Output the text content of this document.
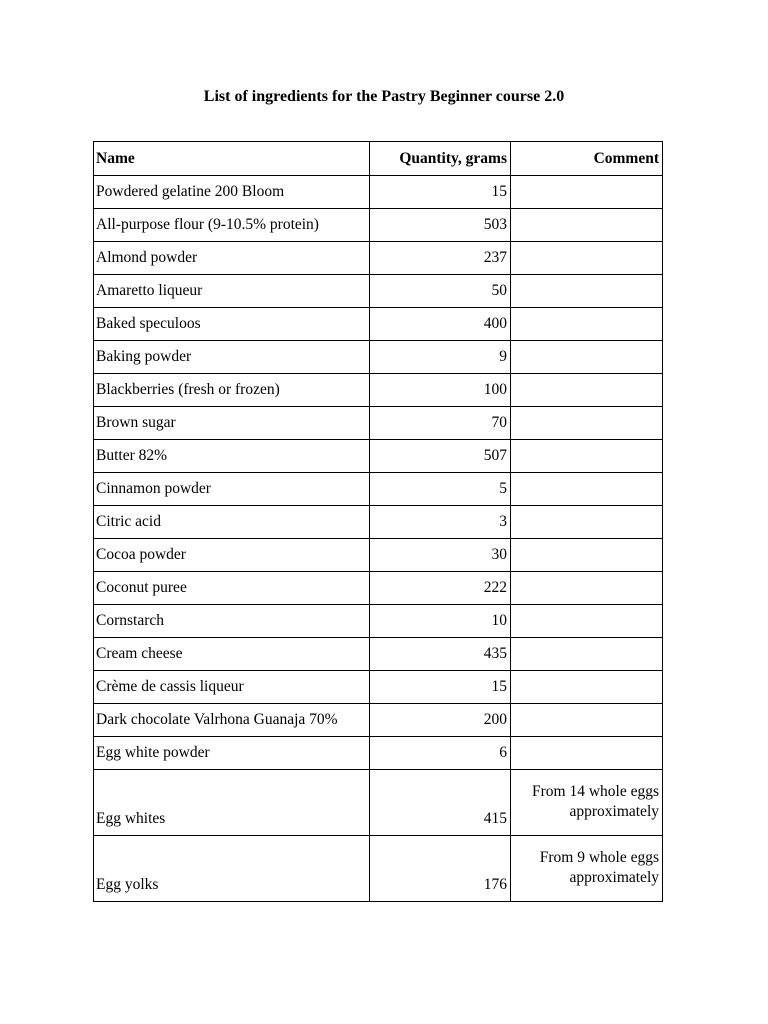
List of ingredients for the Pastry Beginner course 2.0
Name	Quantity, grams	Comment
Powdered gelatine 200 Bloom	15	
All-purpose flour (9-10.5% protein)	503	
Almond powder	237	
Amaretto liqueur	50	
Baked speculoos	400	
Baking powder	9	
Blackberries (fresh or frozen)	100	
Brown sugar	70	
Butter 82%	507	
Cinnamon powder	5	
Citric acid	3	
Cocoa powder	30	
Coconut puree	222	
Cornstarch	10	
Cream cheese	435	
Crème de cassis liqueur	15	
Dark chocolate Valrhona Guanaja 70%	200	
Egg white powder	6	
Egg whites	415	From 14 whole eggs
approximately

Egg yolks	176	From 9 whole eggs
approximately
